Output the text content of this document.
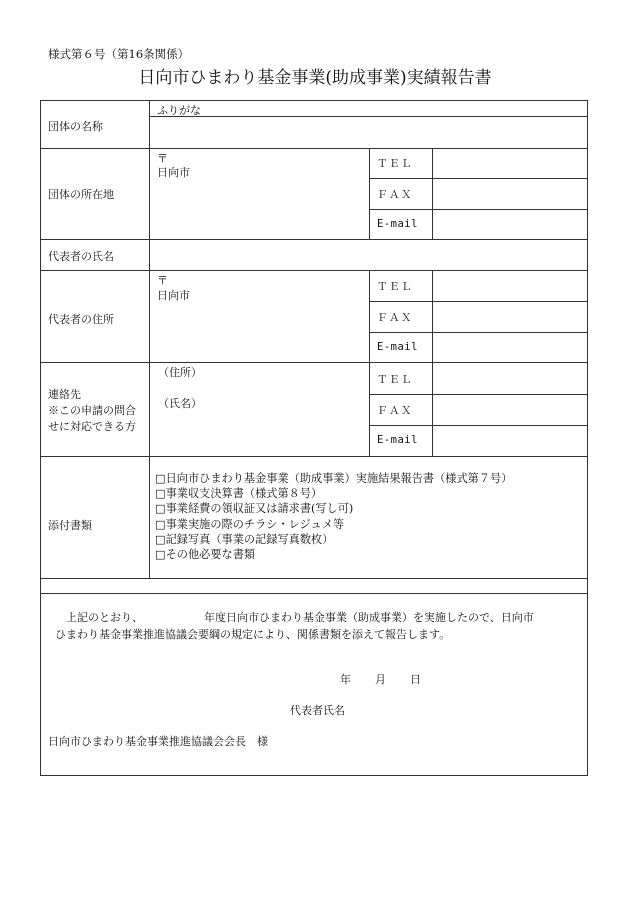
様式第６号（第16条関係）
日向市ひまわり基金事業(助成事業)実績報告書
ふりがな
団体の名称
団体の所在地
〒
日向市
ＴＥＬ
ＦＡＸ
E-mail
代表者の氏名
代表者の住所
〒
日向市
ＴＥＬ
ＦＡＸ
E-mail
連絡先
※この申請の問合
せに対応できる方
（住所）
（氏名）
ＴＥＬ
ＦＡＸ
E-mail
添付書類
□日向市ひまわり基金事業（助成事業）実施結果報告書（様式第７号）
□事業収支決算書（様式第８号）
□事業経費の領収証又は請求書(写し可)
□事業実施の際のチラシ・レジュメ等
□記録写真（事業の記録写真数枚）
□その他必要な書類
上記のとおり、	年度日向市ひまわり基金事業（助成事業）を実施したので、日向市
ひまわり基金事業推進協議会要綱の規定により、関係書類を添えて報告します。
年 月 日
代表者氏名
日向市ひまわり基金事業推進協議会会長　様
